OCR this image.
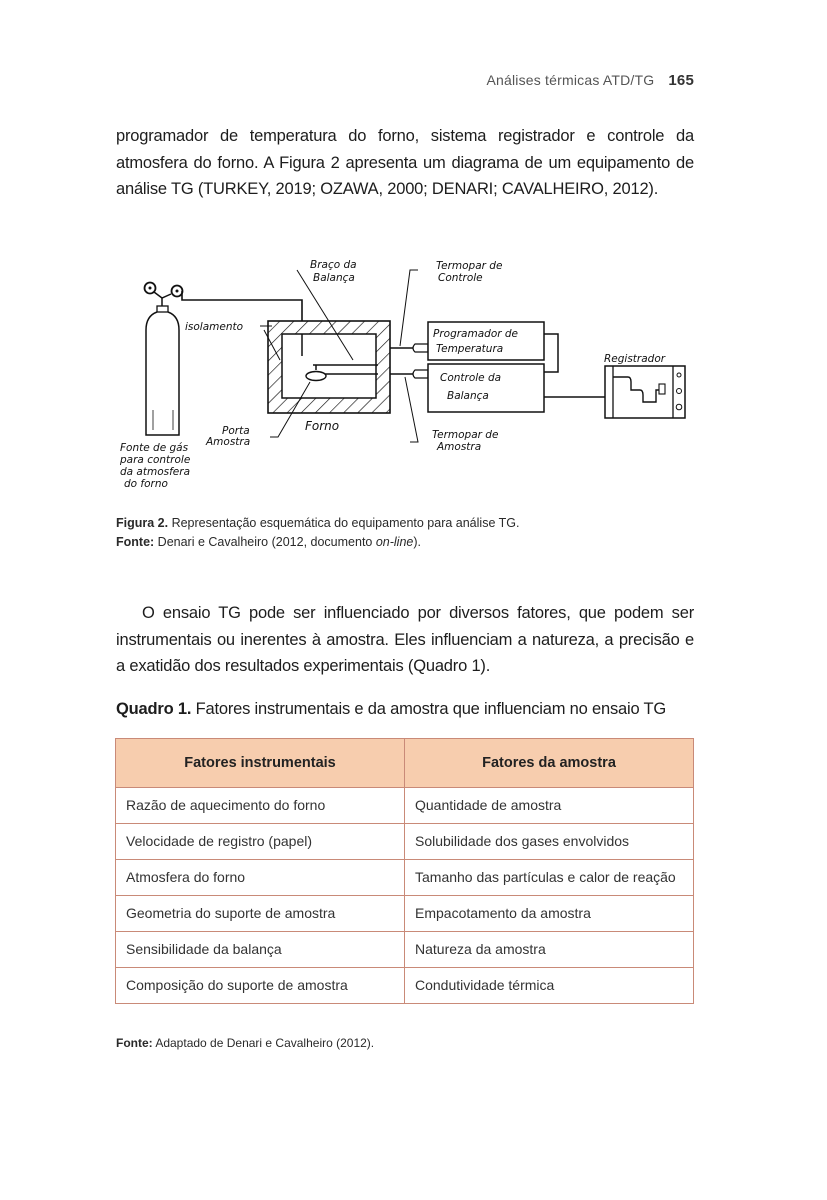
Análises térmicas ATD/TG 165

programador de temperatura do forno, sistema registrador e controle da atmosfera do forno. A Figura 2 apresenta um diagrama de um equipamento de análise TG (TURKEY, 2019; OZAWA, 2000; DENARI; CAVALHEIRO, 2012).

Braço da
Balança
isolamento
Porta
Amostra
Forno
Fonte de gás
para controle
da atmosfera
do forno
Termopar de
Controle
Termopar de
Amostra
Programador de
Temperatura
Controle da
Balança
Registrador
Figura 2. Representação esquemática do equipamento para análise TG.
Fonte: Denari e Cavalheiro (2012, documento on-line).

O ensaio TG pode ser influenciado por diversos fatores, que podem ser instrumentais ou inerentes à amostra. Eles influenciam a natureza, a precisão e a exatidão dos resultados experimentais (Quadro 1).

Quadro 1. Fatores instrumentais e da amostra que influenciam no ensaio TG
Fatores instrumentais	Fatores da amostra
Razão de aquecimento do forno	Quantidade de amostra
Velocidade de registro (papel)	Solubilidade dos gases envolvidos
Atmosfera do forno	Tamanho das partículas e calor de reação
Geometria do suporte de amostra	Empacotamento da amostra
Sensibilidade da balança	Natureza da amostra
Composição do suporte de amostra	Condutividade térmica
Fonte: Adaptado de Denari e Cavalheiro (2012).
